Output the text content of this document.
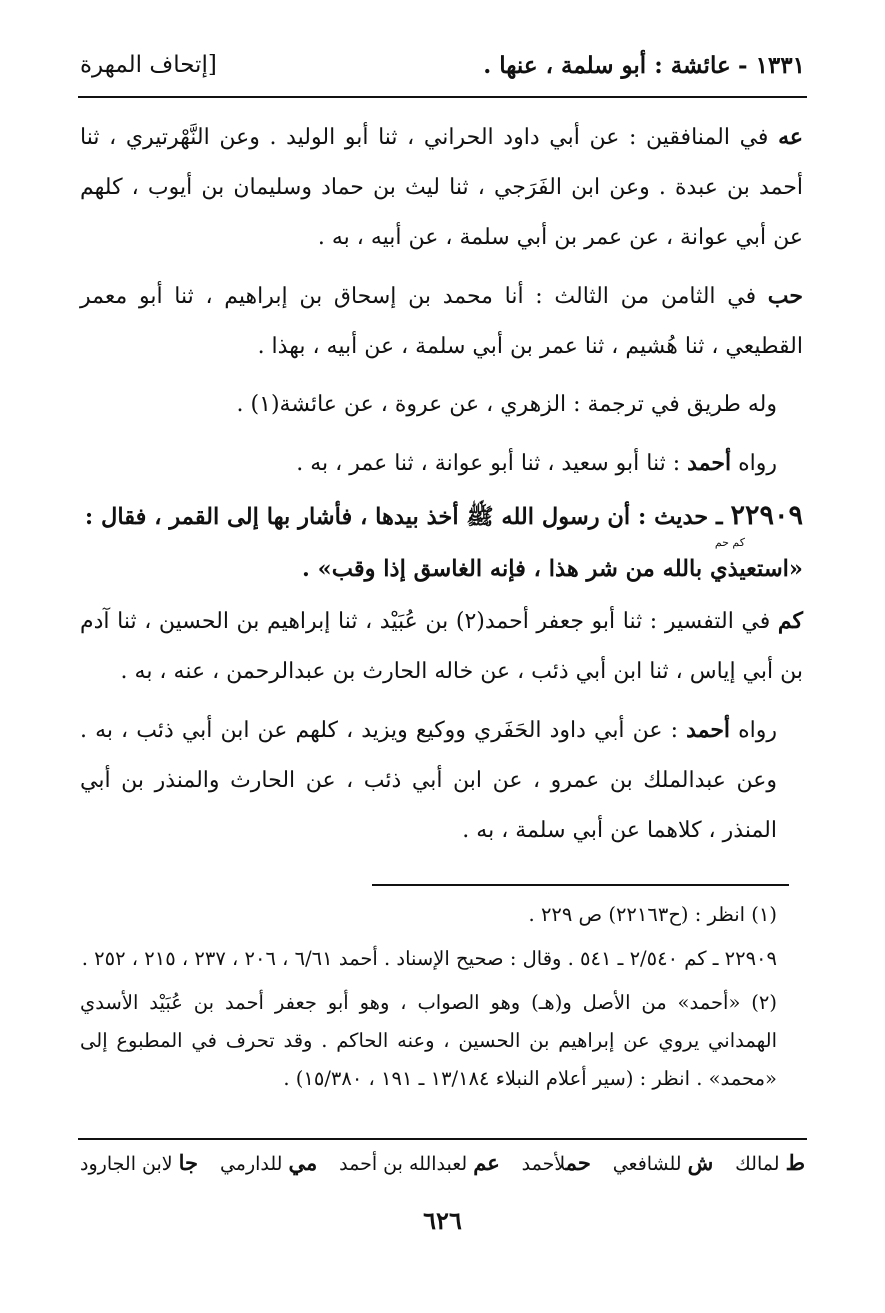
١٣٣١ - عائشة : أبو سلمة ، عنها .
[إتحاف المهرة

عه في المنافقين : عن أبي داود الحراني ، ثنا أبو الوليد . وعن النَّهْرتيري ، ثنا أحمد بن عبدة . وعن ابن الفَرَجي ، ثنا ليث بن حماد وسليمان بن أيوب ، كلهم عن أبي عوانة ، عن عمر بن أبي سلمة ، عن أبيه ، به .

حب في الثامن من الثالث : أنا محمد بن إسحاق بن إبراهيم ، ثنا أبو معمر القطيعي ، ثنا هُشيم ، ثنا عمر بن أبي سلمة ، عن أبيه ، بهذا .

وله طريق في ترجمة : الزهري ، عن عروة ، عن عائشة(١) .

رواه أحمد : ثنا أبو سعيد ، ثنا أبو عوانة ، ثنا عمر ، به .

٢٢٩٠٩ ـ حديث : أن رسول الله ﷺ أخذ بيدها ، فأشار بها إلى القمر ، فقال :
كم حم
«استعيذي بالله من شر هذا ، فإنه الغاسق إذا وقب» .

كم في التفسير : ثنا أبو جعفر أحمد(٢) بن عُبَيْد ، ثنا إبراهيم بن الحسين ، ثنا آدم بن أبي إياس ، ثنا ابن أبي ذئب ، عن خاله الحارث بن عبدالرحمن ، عنه ، به .

رواه أحمد : عن أبي داود الحَفَري ووكيع ويزيد ، كلهم عن ابن أبي ذئب ، به . وعن عبدالملك بن عمرو ، عن ابن أبي ذئب ، عن الحارث والمنذر بن أبي المنذر ، كلاهما عن أبي سلمة ، به .

(١) انظر : (ح٢٢١٦٣) ص ٢٢٩ .

٢٢٩٠٩ ـ كم ٢/٥٤٠ ـ ٥٤١ . وقال : صحيح الإسناد . أحمد ٦/٦١ ، ٢٠٦ ، ٢٣٧ ، ٢١٥ ، ٢٥٢ .

(٢) «أحمد» من الأصل و(هـ) وهو الصواب ، وهو أبو جعفر أحمد بن عُبَيْد الأسدي الهمداني يروي عن إبراهيم بن الحسين ، وعنه الحاكم . وقد تحرف في المطبوع إلى «محمد» . انظر : (سير أعلام النبلاء ١٣/١٨٤ ـ ١٩١ ، ١٥/٣٨٠) .

ط لمالك
ش للشافعي
حملأحمد
عم لعبدالله بن أحمد
مي للدارمي
جا لابن الجارود
٦٢٦
